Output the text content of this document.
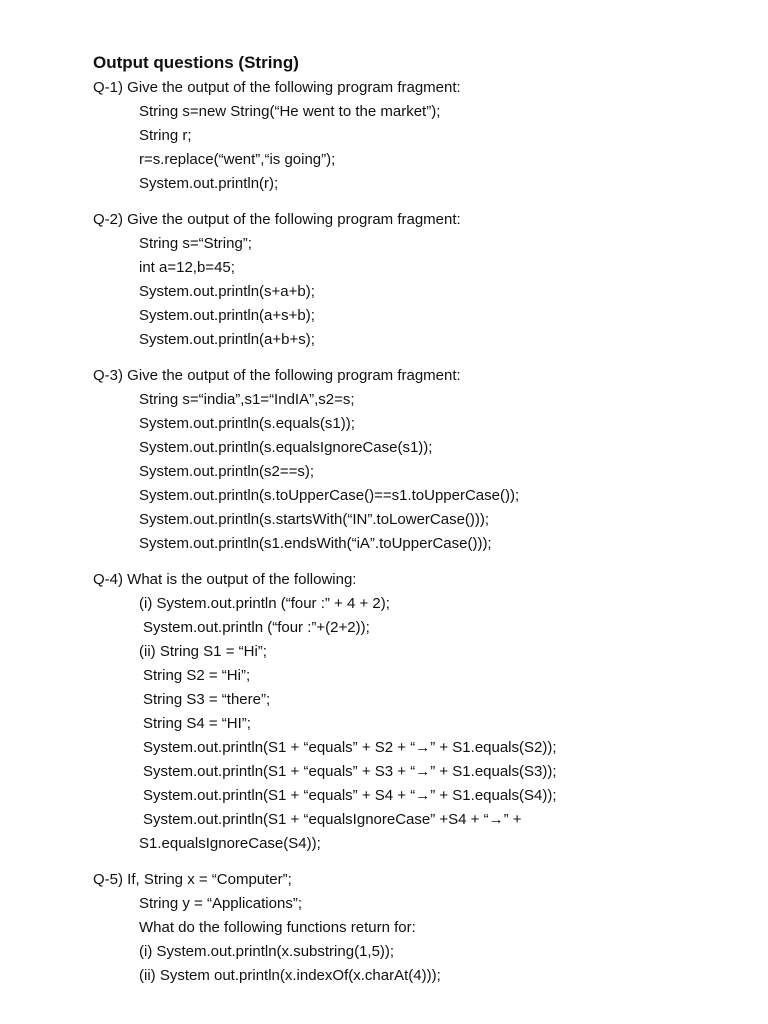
Output questions (String)
Q-1) Give the output of the following program fragment:
String s=new String(“He went to the market”);
String r;
r=s.replace(“went”,“is going”);
System.out.println(r);
Q-2) Give the output of the following program fragment:
String s=“String”;
int a=12,b=45;
System.out.println(s+a+b);
System.out.println(a+s+b);
System.out.println(a+b+s);
Q-3) Give the output of the following program fragment:
String s=“india”,s1=“IndIA”,s2=s;
System.out.println(s.equals(s1));
System.out.println(s.equalsIgnoreCase(s1));
System.out.println(s2==s);
System.out.println(s.toUpperCase()==s1.toUpperCase());
System.out.println(s.startsWith(“IN”.toLowerCase()));
System.out.println(s1.endsWith(“iA”.toUpperCase()));
Q-4) What is the output of the following:
(i) System.out.println (“four :” + 4 + 2);
System.out.println (“four :”+(2+2));
(ii) String S1 = “Hi”;
String S2 = “Hi”;
String S3 = “there”;
String S4 = “HI”;
System.out.println(S1 + “equals” + S2 + “→” + S1.equals(S2));
System.out.println(S1 + “equals” + S3 + “→” + S1.equals(S3));
System.out.println(S1 + “equals” + S4 + “→” + S1.equals(S4));
System.out.println(S1 + “equalsIgnoreCase” +S4 + “→” +
S1.equalsIgnoreCase(S4));
Q-5) If, String x = “Computer”;
String y = “Applications”;
What do the following functions return for:
(i) System.out.println(x.substring(1,5));
(ii) System out.println(x.indexOf(x.charAt(4)));
